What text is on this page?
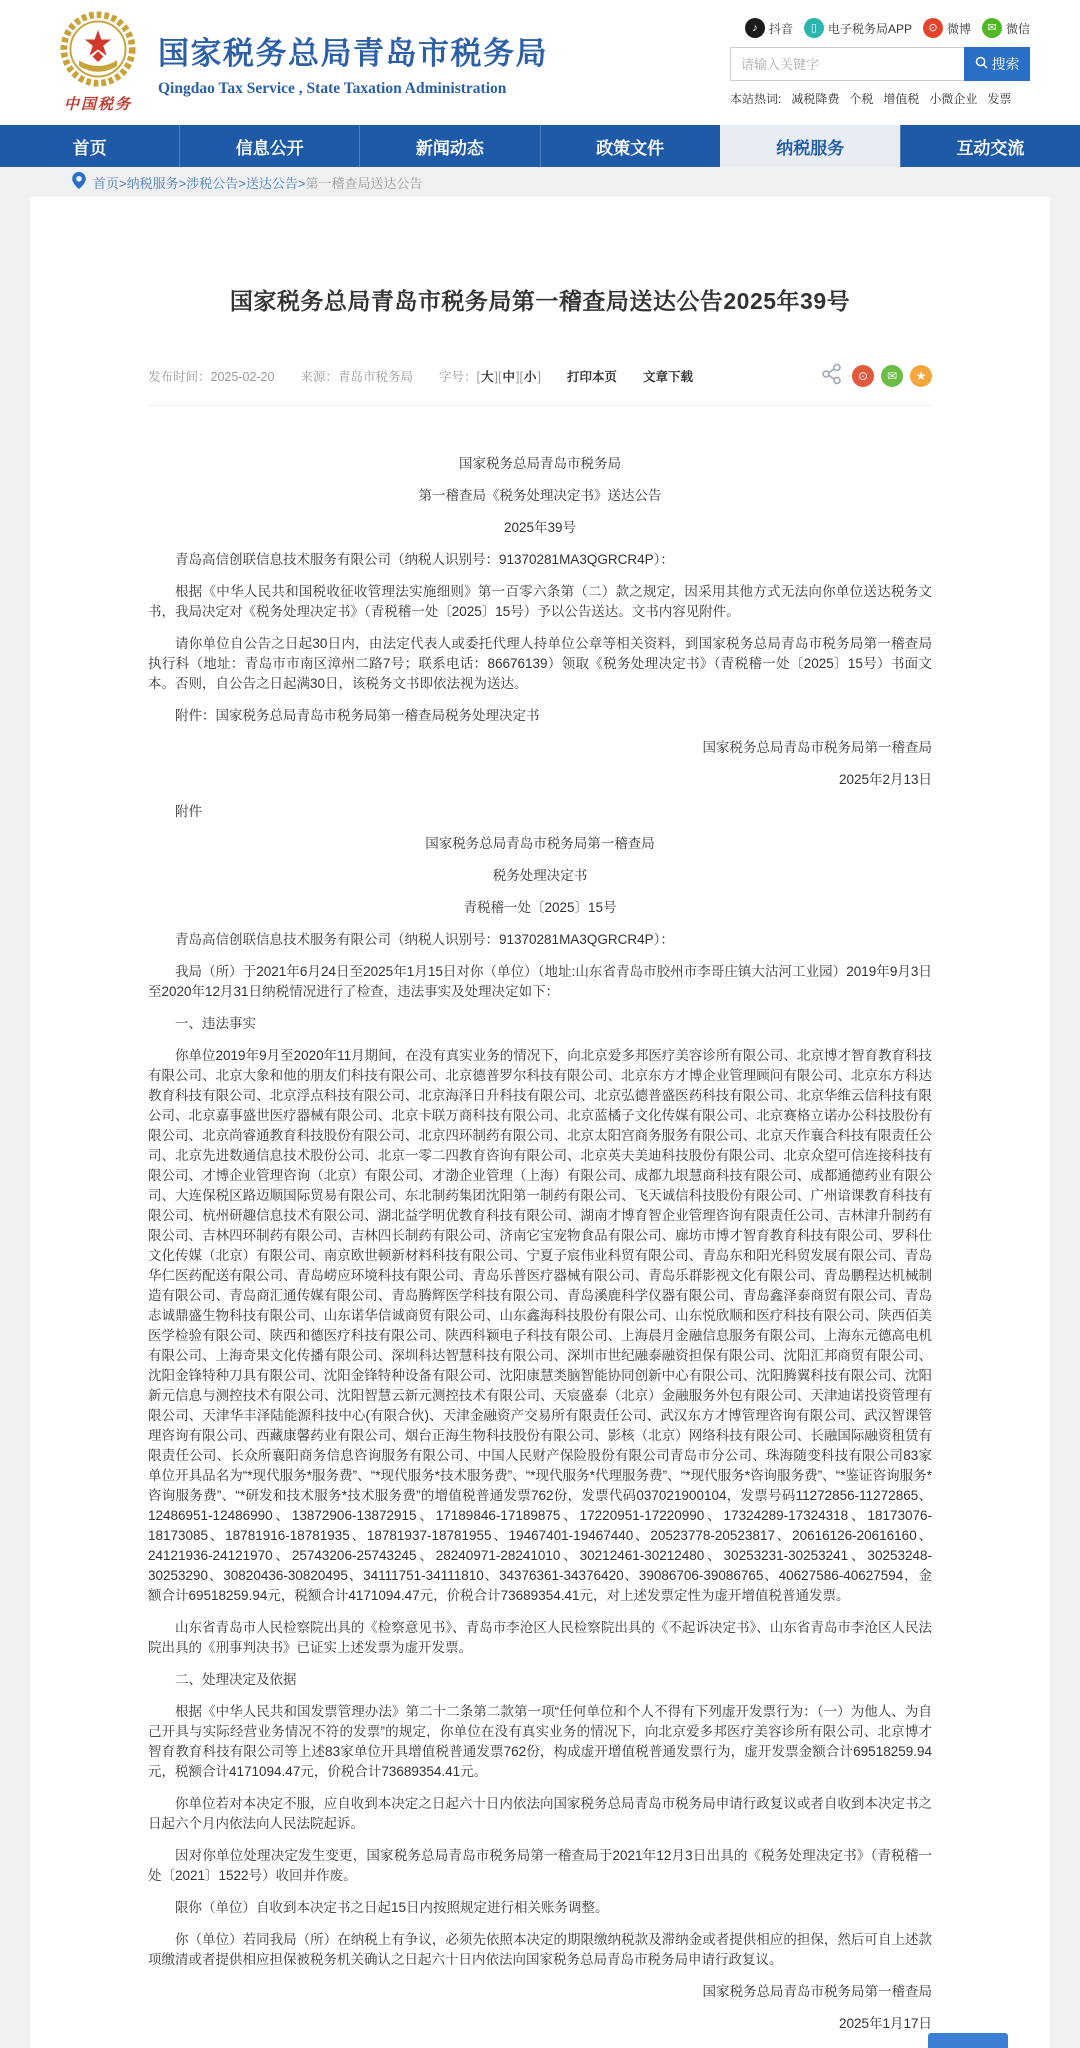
中国税务
国家税务总局青岛市税务局
Qingdao Tax Service , State Taxation Administration
♪ 抖音	▯ 电子税务局APP	⊙ 微博	✉ 微信
请输入关键字
搜索
本站热词: 减税降费 个税 增值税 小微企业 发票
首页	信息公开	新闻动态	政策文件	纳税服务	互动交流
首页>纳税服务>涉税公告>送达公告>第一稽查局送达公告
国家税务总局青岛市税务局第一稽查局送达公告2025年39号
发布时间：2025-02-20 来源：青岛市税务局 字号：[大][中][小] 打印本页 文章下载	⊙	✉	★

国家税务总局青岛市税务局

第一稽查局《税务处理决定书》送达公告

2025年39号

青岛高信创联信息技术服务有限公司（纳税人识别号：91370281MA3QGRCR4P）：

根据《中华人民共和国税收征收管理法实施细则》第一百零六条第（二）款之规定，因采用其他方式无法向你单位送达税务文书，我局决定对《税务处理决定书》（青税稽一处〔2025〕15号）予以公告送达。文书内容见附件。

请你单位自公告之日起30日内，由法定代表人或委托代理人持单位公章等相关资料，到国家税务总局青岛市税务局第一稽查局执行科（地址：青岛市市南区漳州二路7号；联系电话：86676139）领取《税务处理决定书》（青税稽一处〔2025〕15号）书面文本。否则，自公告之日起满30日，该税务文书即依法视为送达。

附件：国家税务总局青岛市税务局第一稽查局税务处理决定书

国家税务总局青岛市税务局第一稽查局

2025年2月13日

附件

国家税务总局青岛市税务局第一稽查局

税务处理决定书

青税稽一处〔2025〕15号

青岛高信创联信息技术服务有限公司（纳税人识别号：91370281MA3QGRCR4P）：

我局（所）于2021年6月24日至2025年1月15日对你（单位）（地址:山东省青岛市胶州市李哥庄镇大沽河工业园）2019年9月3日至2020年12月31日纳税情况进行了检查，违法事实及处理决定如下：

一、违法事实

你单位2019年9月至2020年11月期间，在没有真实业务的情况下，向北京爱多邦医疗美容诊所有限公司、北京博才智育教育科技有限公司、北京大象和他的朋友们科技有限公司、北京德普罗尔科技有限公司、北京东方才博企业管理顾问有限公司、北京东方科达教育科技有限公司、北京浮点科技有限公司、北京海泽日升科技有限公司、北京弘德普盛医药科技有限公司、北京华维云信科技有限公司、北京嘉事盛世医疗器械有限公司、北京卡联万商科技有限公司、北京蓝橘子文化传媒有限公司、北京赛格立诺办公科技股份有限公司、北京尚睿通教育科技股份有限公司、北京四环制药有限公司、北京太阳宫商务服务有限公司、北京天作襄合科技有限责任公司、北京先进数通信息技术股份公司、北京一零二四教育咨询有限公司、北京英夫美迪科技股份有限公司、北京众望可信连接科技有限公司、才博企业管理咨询（北京）有限公司、才渤企业管理（上海）有限公司、成都九垠慧商科技有限公司、成都通德药业有限公司、大连保税区路迈顺国际贸易有限公司、东北制药集团沈阳第一制药有限公司、飞天诚信科技股份有限公司、广州谙课教育科技有限公司、杭州研趣信息技术有限公司、湖北益学明优教育科技有限公司、湖南才博育智企业管理咨询有限责任公司、吉林津升制药有限公司、吉林四环制药有限公司、吉林四长制药有限公司、济南它宝宠物食品有限公司、廊坊市博才智育教育科技有限公司、罗科仕文化传媒（北京）有限公司、南京欧世顿新材料科技有限公司、宁夏子宸伟业科贸有限公司、青岛东和阳光科贸发展有限公司、青岛华仁医药配送有限公司、青岛崂应环境科技有限公司、青岛乐普医疗器械有限公司、青岛乐群影视文化有限公司、青岛鹏程达机械制造有限公司、青岛商汇通传媒有限公司、青岛腾辉医学科技有限公司、青岛溪鹿科学仪器有限公司、青岛鑫泽泰商贸有限公司、青岛志诚鼎盛生物科技有限公司、山东诺华信诚商贸有限公司、山东鑫海科技股份有限公司、山东悦欣顺和医疗科技有限公司、陕西佰美医学检验有限公司、陕西和德医疗科技有限公司、陕西科颖电子科技有限公司、上海晨月金融信息服务有限公司、上海东元德高电机有限公司、上海奇果文化传播有限公司、深圳科达智慧科技有限公司、深圳市世纪融泰融资担保有限公司、沈阳汇邦商贸有限公司、沈阳金锋特种刀具有限公司、沈阳金锋特种设备有限公司、沈阳康慧类脑智能协同创新中心有限公司、沈阳腾翼科技有限公司、沈阳新元信息与测控技术有限公司、沈阳智慧云新元测控技术有限公司、天宸盛泰（北京）金融服务外包有限公司、天津迪诺投资管理有限公司、天津华丰泽陆能源科技中心(有限合伙)、天津金融资产交易所有限责任公司、武汉东方才博管理咨询有限公司、武汉智课管理咨询有限公司、西藏康馨药业有限公司、烟台正海生物科技股份有限公司、影核（北京）网络科技有限公司、长融国际融资租赁有限责任公司、长众所襄阳商务信息咨询服务有限公司、中国人民财产保险股份有限公司青岛市分公司、珠海随变科技有限公司83家单位开具品名为“*现代服务*服务费”、“*现代服务*技术服务费”、“*现代服务*代理服务费”、“*现代服务*咨询服务费”、“*鉴证咨询服务*咨询服务费”、“*研发和技术服务*技术服务费”的增值税普通发票762份，发票代码037021900104，发票号码11272856-11272865、12486951-12486990、13872906-13872915、17189846-17189875、17220951-17220990、17324289-17324318、18173076-18173085、18781916-18781935、18781937-18781955、19467401-19467440、20523778-20523817、20616126-20616160、24121936-24121970、25743206-25743245、28240971-28241010、30212461-30212480、30253231-30253241、30253248-30253290、30820436-30820495、34111751-34111810、34376361-34376420、39086706-39086765、40627586-40627594，金额合计69518259.94元，税额合计4171094.47元，价税合计73689354.41元，对上述发票定性为虚开增值税普通发票。

山东省青岛市人民检察院出具的《检察意见书》、青岛市李沧区人民检察院出具的《不起诉决定书》、山东省青岛市李沧区人民法院出具的《刑事判决书》已证实上述发票为虚开发票。

二、处理决定及依据

根据《中华人民共和国发票管理办法》第二十二条第二款第一项“任何单位和个人不得有下列虚开发票行为：（一）为他人、为自己开具与实际经营业务情况不符的发票”的规定，你单位在没有真实业务的情况下，向北京爱多邦医疗美容诊所有限公司、北京博才智育教育科技有限公司等上述83家单位开具增值税普通发票762份，构成虚开增值税普通发票行为，虚开发票金额合计69518259.94元，税额合计4171094.47元，价税合计73689354.41元。

你单位若对本决定不服，应自收到本决定之日起六十日内依法向国家税务总局青岛市税务局申请行政复议或者自收到本决定书之日起六个月内依法向人民法院起诉。

因对你单位处理决定发生变更，国家税务总局青岛市税务局第一稽查局于2021年12月3日出具的《税务处理决定书》（青税稽一处〔2021〕1522号）收回并作废。

限你（单位）自收到本决定书之日起15日内按照规定进行相关账务调整。

你（单位）若同我局（所）在纳税上有争议，必须先依照本决定的期限缴纳税款及滞纳金或者提供相应的担保，然后可自上述款项缴清或者提供相应担保被税务机关确认之日起六十日内依法向国家税务总局青岛市税务局申请行政复议。

国家税务总局青岛市税务局第一稽查局

2025年1月17日
